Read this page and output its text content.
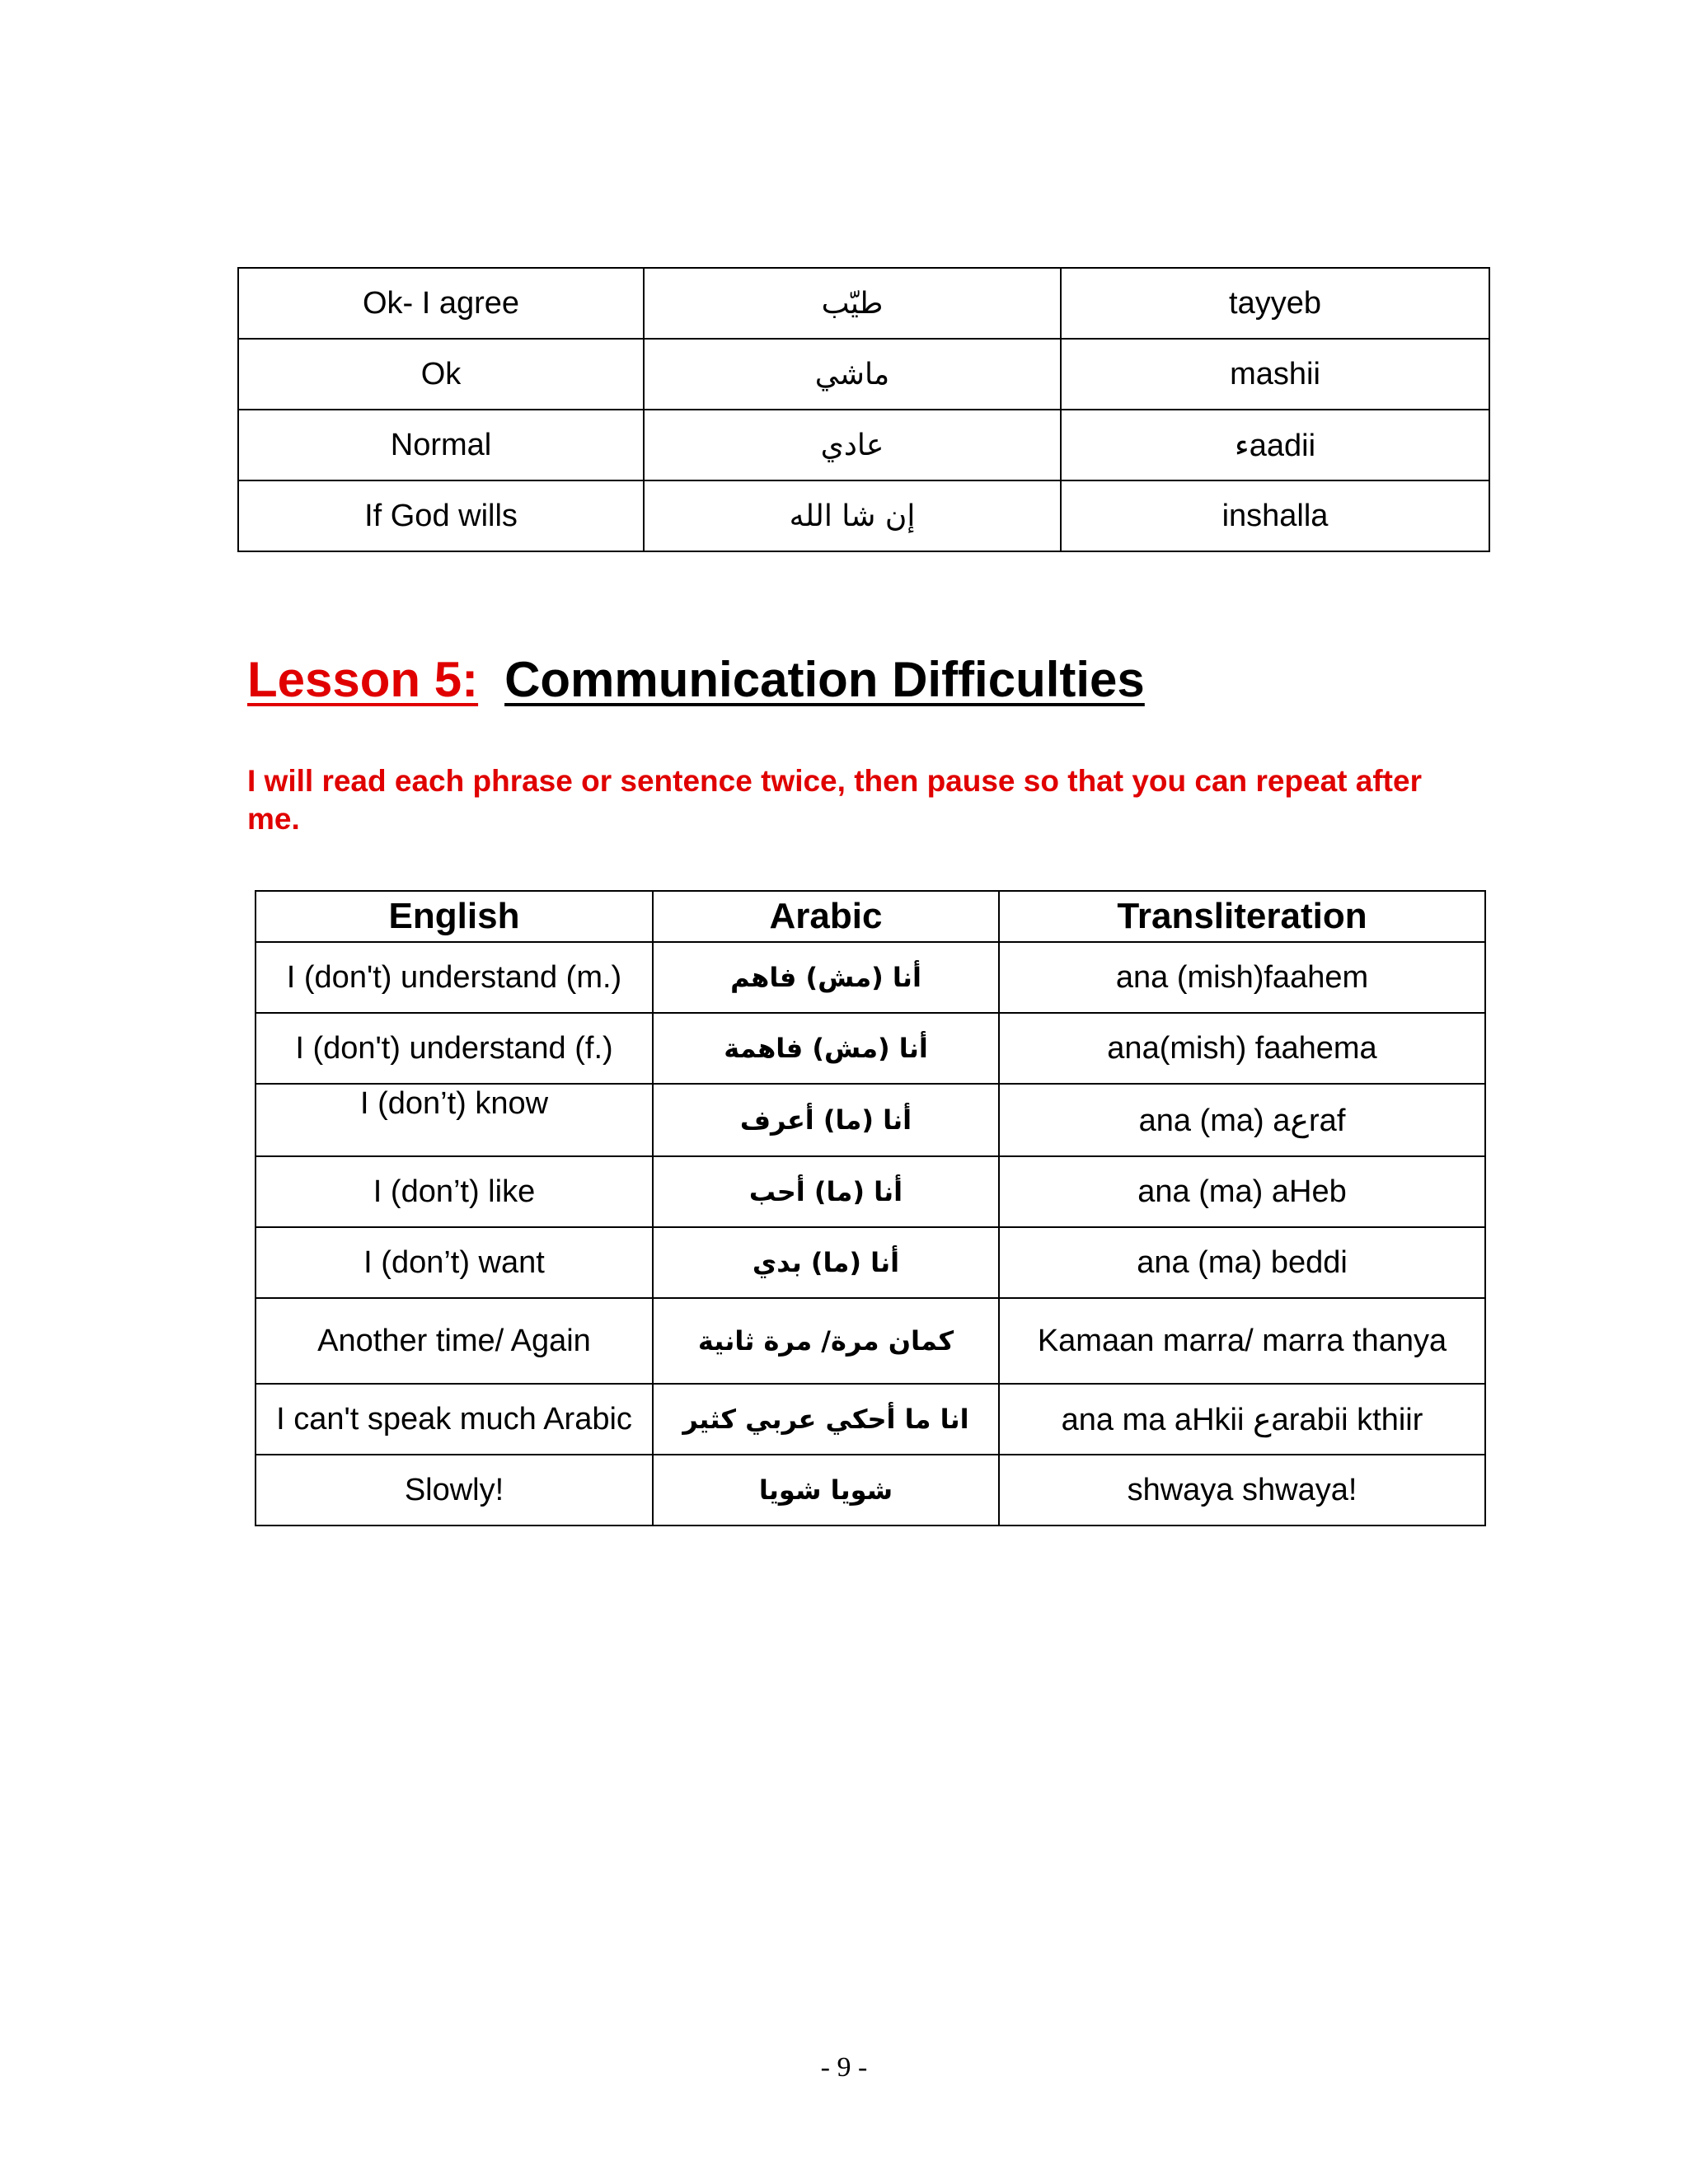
Ok- I agree	طيّب	tayyeb
Ok	ماشي	mashii
Normal	عادي	ءaadii
If God wills	إن شا الله	inshalla
Lesson 5: Communication Difficulties

I will read each phrase or sentence twice, then pause so that you can repeat after me.

English	Arabic	Transliteration
I (don't) understand (m.)	أنا (مش) فاهم	ana (mish)faahem
I (don't) understand (f.)	أنا (مش) فاهمة	ana(mish) faahema
I (don’t) know	أنا (ما) أعرف	ana (ma) aعraf
I (don’t) like	أنا (ما) أحب	ana (ma) aHeb
I (don’t) want	أنا (ما) بدي	ana (ma) beddi
Another time/ Again	كمان مرة/ مرة ثانية	Kamaan marra/ marra thanya
I can't speak much Arabic	انا ما أحكي عربي كثير	ana ma aHkii عarabii kthiir
Slowly!	شويا شويا	shwaya shwaya!
- 9 -
